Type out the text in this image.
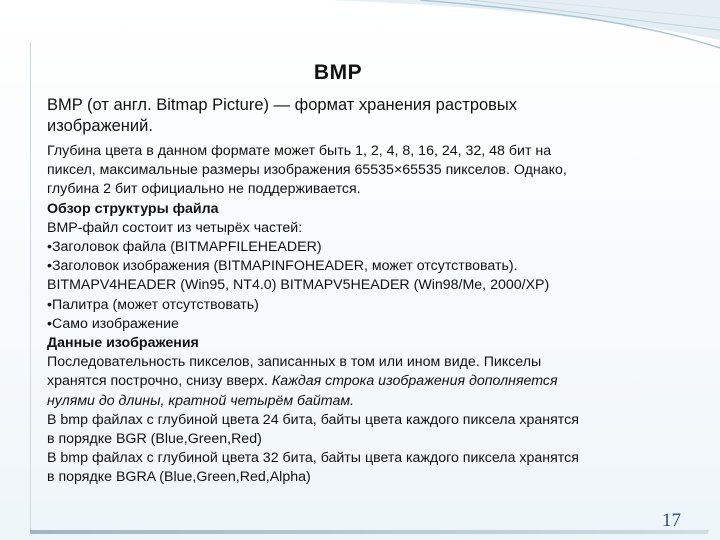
BMP

BMP (от англ. Bitmap Picture) — формат хранения растровых
изображений.

Глубина цвета в данном формате может быть 1, 2, 4, 8, 16, 24, 32, 48 бит на

пиксел, максимальные размеры изображения 65535×65535 пикселов. Однако,

глубина 2 бит официально не поддерживается.

Обзор структуры файла

BMP-файл состоит из четырёх частей:

•Заголовок файла (BITMAPFILEHEADER)

•Заголовок изображения (BITMAPINFOHEADER, может отсутствовать).

BITMAPV4HEADER (Win95, NT4.0) BITMAPV5HEADER (Win98/Me, 2000/XP)

•Палитра (может отсутствовать)

•Само изображение

Данные изображения

Последовательность пикселов, записанных в том или ином виде. Пикселы

хранятся построчно, снизу вверх. Каждая строка изображения дополняется

нулями до длины, кратной четырём байтам.

В bmp файлах с глубиной цвета 24 бита, байты цвета каждого пиксела хранятся

в порядке BGR (Blue,Green,Red)

В bmp файлах с глубиной цвета 32 бита, байты цвета каждого пиксела хранятся

в порядке BGRA (Blue,Green,Red,Alpha)

17
